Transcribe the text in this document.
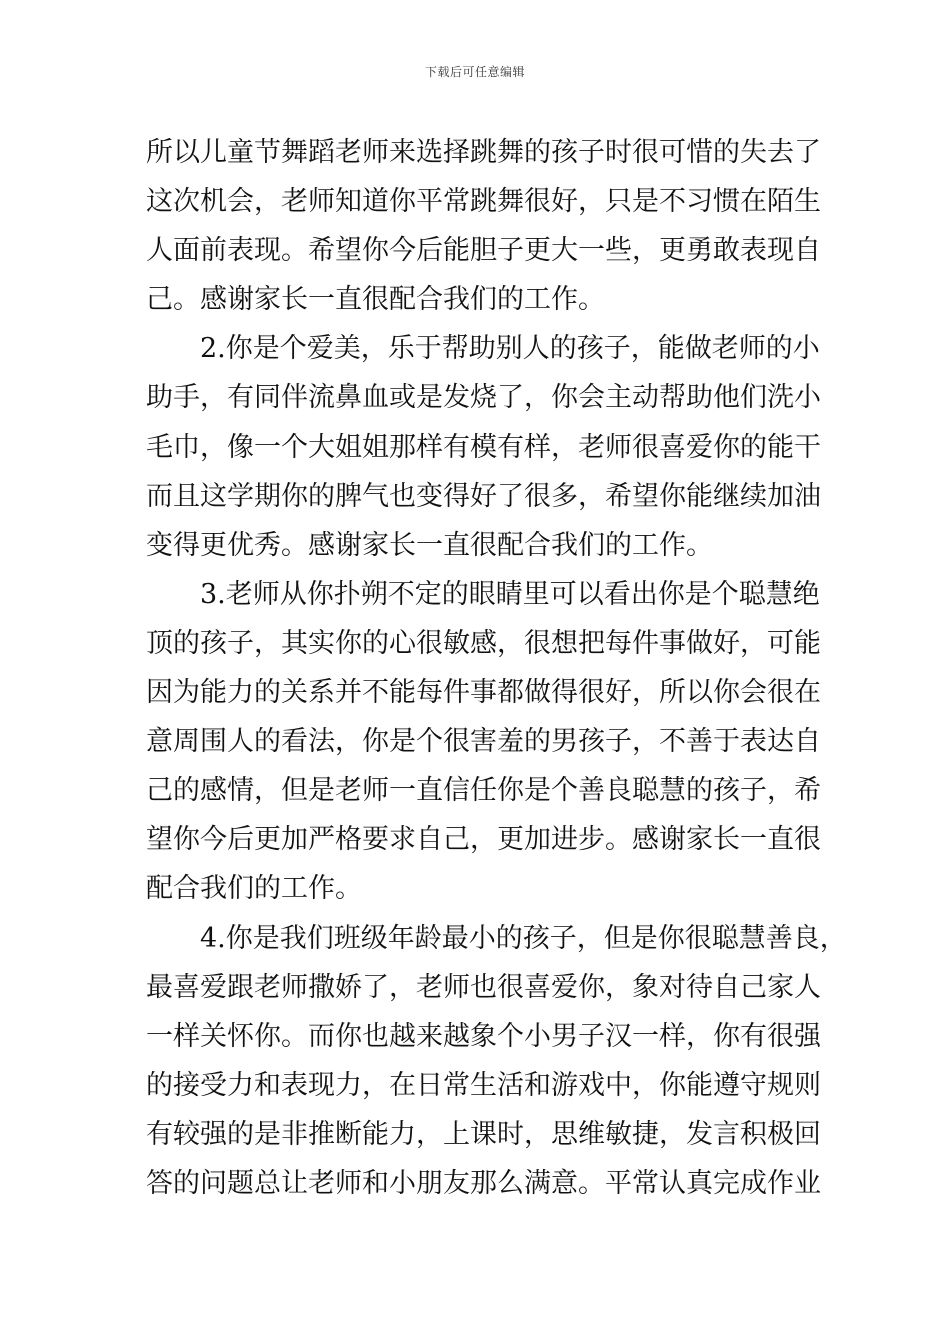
下载后可任意编辑
所以儿童节舞蹈老师来选择跳舞的孩子时很可惜的失去了
这次机会，老师知道你平常跳舞很好，只是不习惯在陌生
人面前表现。希望你今后能胆子更大一些，更勇敢表现自
己。感谢家长一直很配合我们的工作。
2.你是个爱美，乐于帮助别人的孩子，能做老师的小
助手，有同伴流鼻血或是发烧了，你会主动帮助他们洗小
毛巾，像一个大姐姐那样有模有样，老师很喜爱你的能干
而且这学期你的脾气也变得好了很多，希望你能继续加油
变得更优秀。感谢家长一直很配合我们的工作。
3.老师从你扑朔不定的眼睛里可以看出你是个聪慧绝
顶的孩子，其实你的心很敏感，很想把每件事做好，可能
因为能力的关系并不能每件事都做得很好，所以你会很在
意周围人的看法，你是个很害羞的男孩子，不善于表达自
己的感情，但是老师一直信任你是个善良聪慧的孩子，希
望你今后更加严格要求自己，更加进步。感谢家长一直很
配合我们的工作。
4.你是我们班级年龄最小的孩子，但是你很聪慧善良，
最喜爱跟老师撒娇了，老师也很喜爱你，象对待自己家人
一样关怀你。而你也越来越象个小男子汉一样，你有很强
的接受力和表现力，在日常生活和游戏中，你能遵守规则
有较强的是非推断能力，上课时，思维敏捷，发言积极回
答的问题总让老师和小朋友那么满意。平常认真完成作业
